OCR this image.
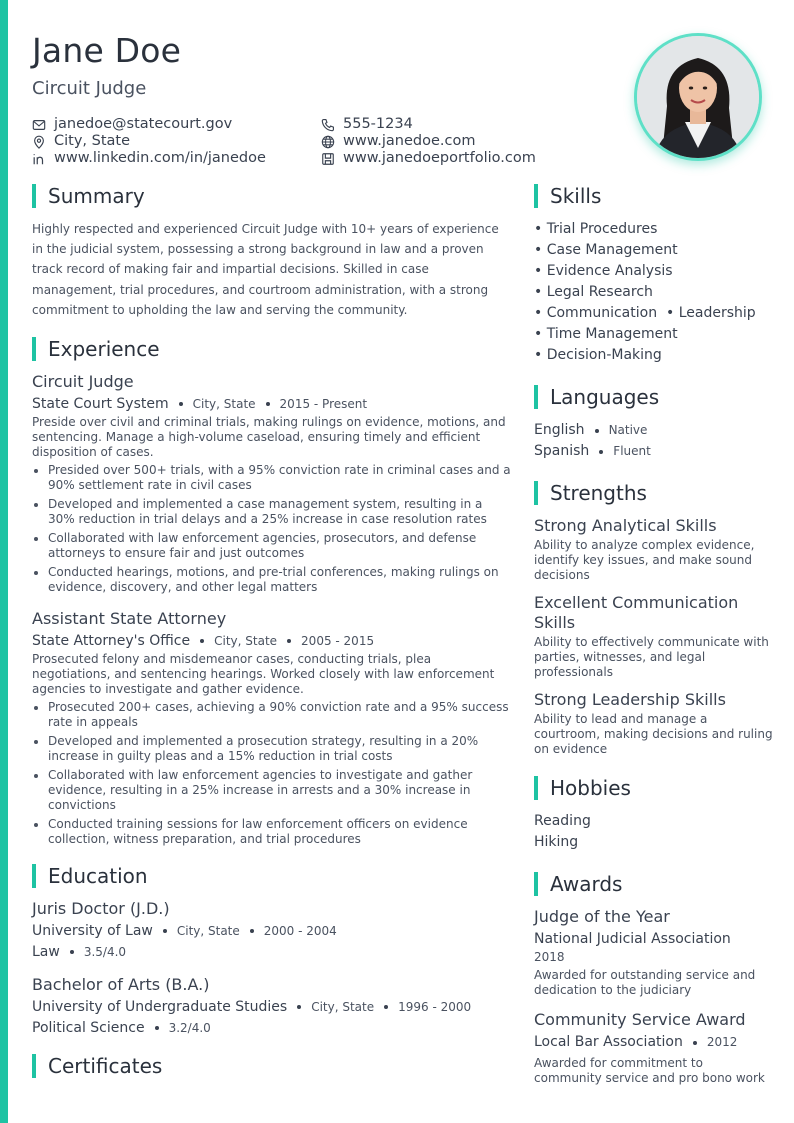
Jane Doe
Circuit Judge
janedoe@statecourt.gov	555-1234
City, State	www.janedoe.com
www.linkedin.com/in/janedoe	www.janedoeportfolio.com
Summary
Highly respected and experienced Circuit Judge with 10+ years of experience in the judicial system, possessing a strong background in law and a proven track record of making fair and impartial decisions. Skilled in case management, trial procedures, and courtroom administration, with a strong commitment to upholding the law and serving the community.
Experience
Circuit Judge
State Court System City, State 2015 - Present
Preside over civil and criminal trials, making rulings on evidence, motions, and sentencing. Manage a high-volume caseload, ensuring timely and efficient disposition of cases.
Presided over 500+ trials, with a 95% conviction rate in criminal cases and a 90% settlement rate in civil cases
Developed and implemented a case management system, resulting in a 30% reduction in trial delays and a 25% increase in case resolution rates
Collaborated with law enforcement agencies, prosecutors, and defense attorneys to ensure fair and just outcomes
Conducted hearings, motions, and pre-trial conferences, making rulings on evidence, discovery, and other legal matters
Assistant State Attorney
State Attorney's Office City, State 2005 - 2015
Prosecuted felony and misdemeanor cases, conducting trials, plea negotiations, and sentencing hearings. Worked closely with law enforcement agencies to investigate and gather evidence.
Prosecuted 200+ cases, achieving a 90% conviction rate and a 95% success rate in appeals
Developed and implemented a prosecution strategy, resulting in a 20% increase in guilty pleas and a 15% reduction in trial costs
Collaborated with law enforcement agencies to investigate and gather evidence, resulting in a 25% increase in arrests and a 30% increase in convictions
Conducted training sessions for law enforcement officers on evidence collection, witness preparation, and trial procedures
Education
Juris Doctor (J.D.)
University of Law City, State 2000 - 2004
Law 3.5/4.0
Bachelor of Arts (B.A.)
University of Undergraduate Studies City, State 1996 - 2000
Political Science 3.2/4.0
Certificates
Skills
• Trial Procedures
• Case Management
• Evidence Analysis
• Legal Research
• Communication  • Leadership
• Time Management
• Decision-Making
Languages
English Native
Spanish Fluent
Strengths
Strong Analytical Skills
Ability to analyze complex evidence, identify key issues, and make sound decisions
Excellent Communication Skills
Ability to effectively communicate with parties, witnesses, and legal professionals
Strong Leadership Skills
Ability to lead and manage a courtroom, making decisions and ruling on evidence
Hobbies
Reading
Hiking
Awards
Judge of the Year
National Judicial Association
2018
Awarded for outstanding service and dedication to the judiciary
Community Service Award
Local Bar Association 2012
Awarded for commitment to community service and pro bono work
